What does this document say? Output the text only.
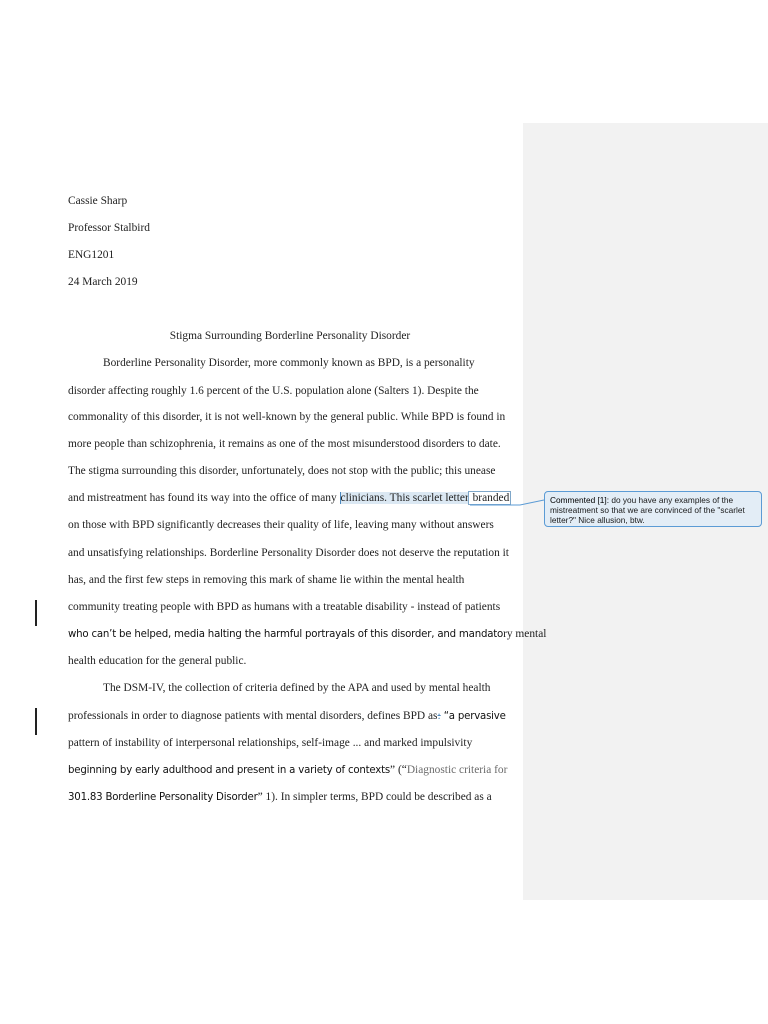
Cassie Sharp
Professor Stalbird
ENG1201
24 March 2019
Stigma Surrounding Borderline Personality Disorder
Borderline Personality Disorder, more commonly known as BPD, is a personality
disorder affecting roughly 1.6 percent of the U.S. population alone (Salters 1). Despite the
commonality of this disorder, it is not well-known by the general public. While BPD is found in
more people than schizophrenia, it remains as one of the most misunderstood disorders to date.
The stigma surrounding this disorder, unfortunately, does not stop with the public; this unease
and mistreatment has found its way into the office of many clinicians. This scarlet letter branded
on those with BPD significantly decreases their quality of life, leaving many without answers
and unsatisfying relationships. Borderline Personality Disorder does not deserve the reputation it
has, and the first few steps in removing this mark of shame lie within the mental health
community treating people with BPD as humans with a treatable disability - instead of patients
who can’t be helped, media halting the harmful portrayals of this disorder, and mandatory mental
health education for the general public.
The DSM-IV, the collection of criteria defined by the APA and used by mental health
professionals in order to diagnose patients with mental disorders, defines BPD as: “a pervasive
pattern of instability of interpersonal relationships, self-image ... and marked impulsivity
beginning by early adulthood and present in a variety of contexts” (“Diagnostic criteria for
301.83 Borderline Personality Disorder” 1). In simpler terms, BPD could be described as a
Commented [1]: do you have any examples of the mistreatment so that we are convinced of the "scarlet letter?" Nice allusion, btw.
